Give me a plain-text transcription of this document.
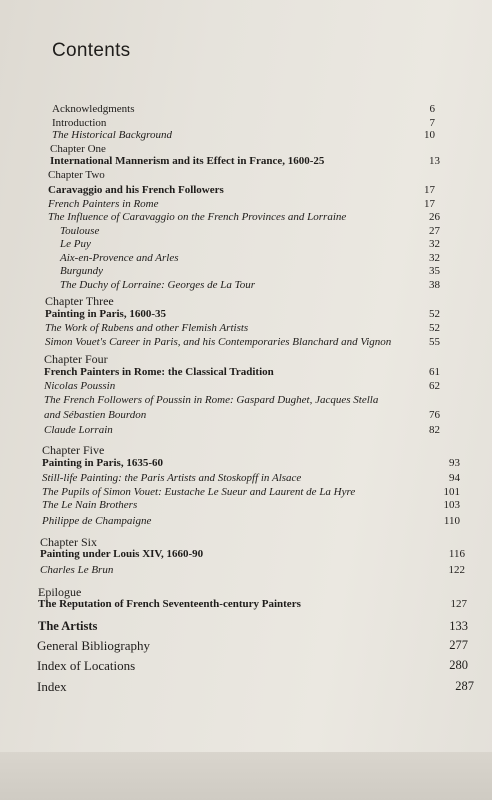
Contents
Acknowledgments	6
Introduction	7
The Historical Background	10
Chapter One
International Mannerism and its Effect in France, 1600-25	13
Chapter Two
Caravaggio and his French Followers	17
French Painters in Rome	17
The Influence of Caravaggio on the French Provinces and Lorraine	26
Toulouse	27
Le Puy	32
Aix-en-Provence and Arles	32
Burgundy	35
The Duchy of Lorraine: Georges de La Tour	38
Chapter Three
Painting in Paris, 1600-35	52
The Work of Rubens and other Flemish Artists	52
Simon Vouet's Career in Paris, and his Contemporaries Blanchard and Vignon	55
Chapter Four
French Painters in Rome: the Classical Tradition	61
Nicolas Poussin	62
The French Followers of Poussin in Rome: Gaspard Dughet, Jacques Stella
and Sébastien Bourdon	76
Claude Lorrain	82
Chapter Five
Painting in Paris, 1635-60	93
Still-life Painting: the Paris Artists and Stoskopff in Alsace	94
The Pupils of Simon Vouet: Eustache Le Sueur and Laurent de La Hyre	101
The Le Nain Brothers	103
Philippe de Champaigne	110
Chapter Six
Painting under Louis XIV, 1660-90	116
Charles Le Brun	122
Epilogue
The Reputation of French Seventeenth-century Painters	127
The Artists	133
General Bibliography	277
Index of Locations	280
Index	287
